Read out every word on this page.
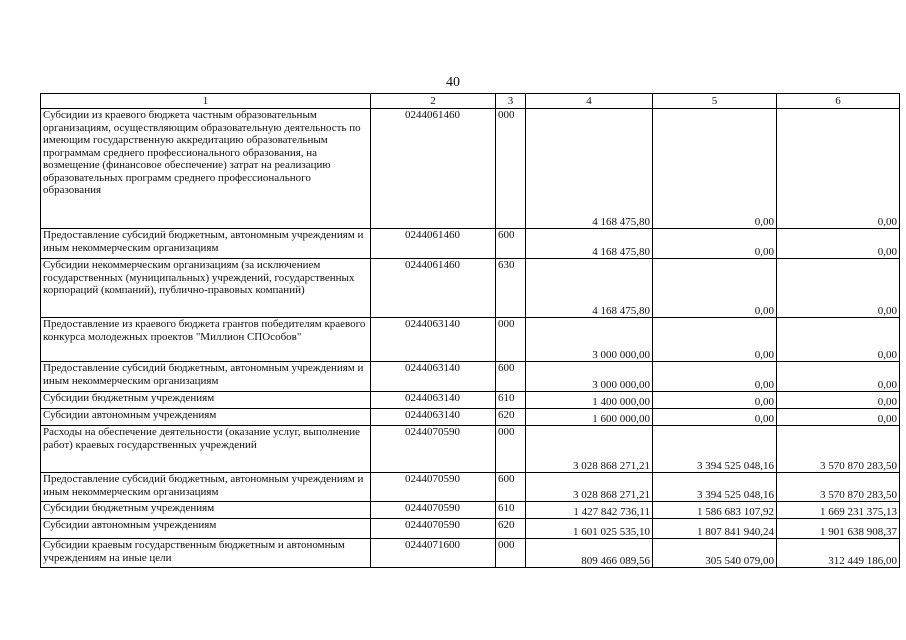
40
1	2	3	4	5	6
Субсидии из краевого бюджета частным образовательным организациям, осуществляющим образовательную деятельность по имеющим государственную аккредитацию образовательным программам среднего профессионального образования, на возмещение (финансовое обеспечение) затрат на реализацию образовательных программ среднего профессионального образования	0244061460	000	4 168 475,80	0,00	0,00
Предоставление субсидий бюджетным, автономным учреждениям и иным некоммерческим организациям	0244061460	600	4 168 475,80	0,00	0,00
Субсидии некоммерческим организациям (за исключением государственных (муниципальных) учреждений, государственных корпораций (компаний), публично-правовых компаний)	0244061460	630	4 168 475,80	0,00	0,00
Предоставление из краевого бюджета грантов победителям краевого конкурса молодежных проектов "Миллион СПОсобов"	0244063140	000	3 000 000,00	0,00	0,00
Предоставление субсидий бюджетным, автономным учреждениям и иным некоммерческим организациям	0244063140	600	3 000 000,00	0,00	0,00
Субсидии бюджетным учреждениям	0244063140	610	1 400 000,00	0,00	0,00
Субсидии автономным учреждениям	0244063140	620	1 600 000,00	0,00	0,00
Расходы на обеспечение деятельности (оказание услуг, выполнение работ) краевых государственных учреждений	0244070590	000	3 028 868 271,21	3 394 525 048,16	3 570 870 283,50
Предоставление субсидий бюджетным, автономным учреждениям и иным некоммерческим организациям	0244070590	600	3 028 868 271,21	3 394 525 048,16	3 570 870 283,50
Субсидии бюджетным учреждениям	0244070590	610	1 427 842 736,11	1 586 683 107,92	1 669 231 375,13
Субсидии автономным учреждениям	0244070590	620	1 601 025 535,10	1 807 841 940,24	1 901 638 908,37
Субсидии краевым государственным бюджетным и автономным учреждениям на иные цели	0244071600	000	809 466 089,56	305 540 079,00	312 449 186,00
